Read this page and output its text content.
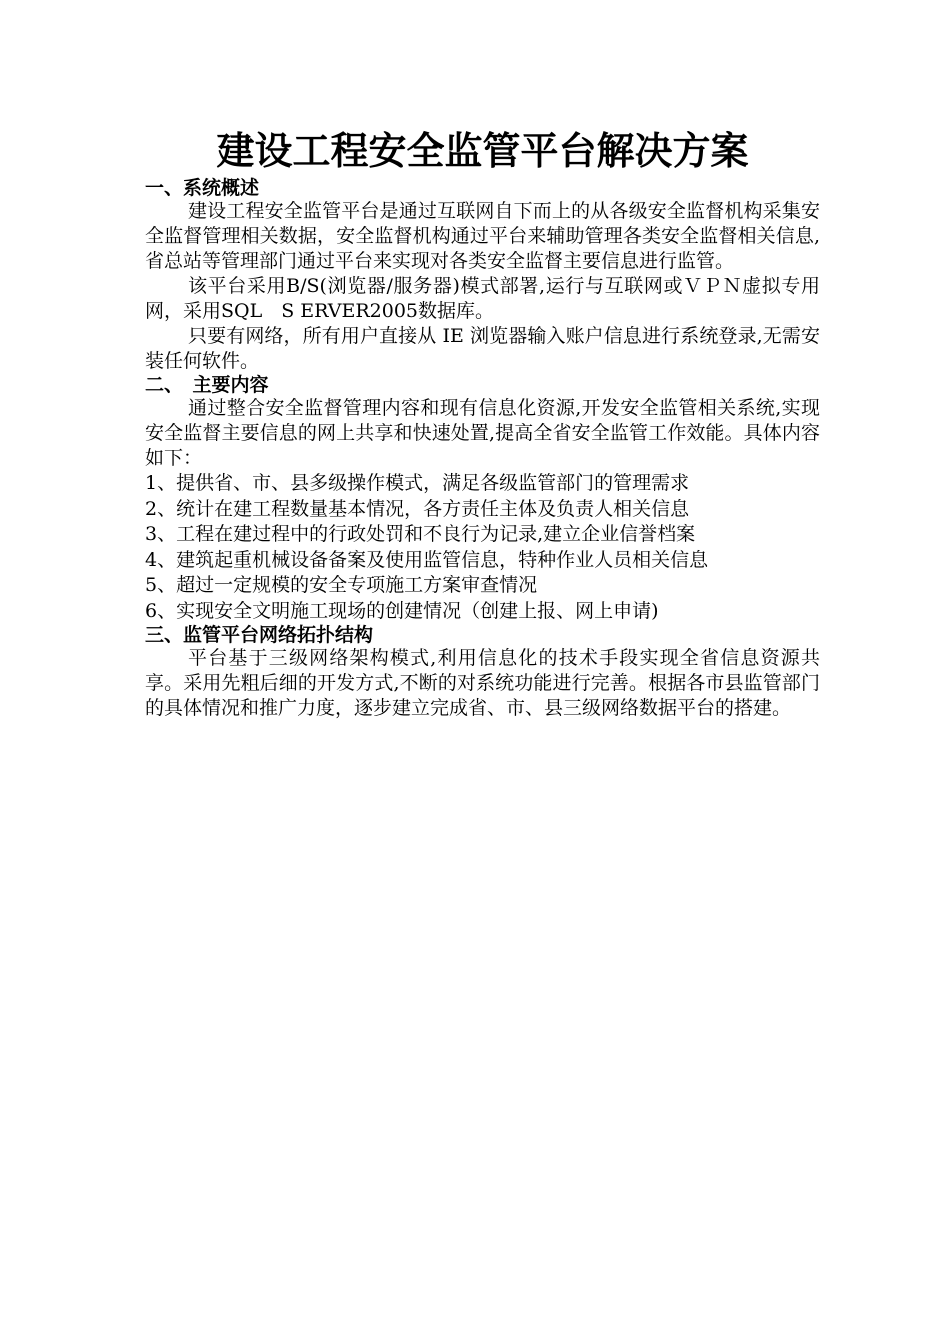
建设工程安全监管平台解决方案
一、系统概述

建设工程安全监管平台是通过互联网自下而上的从各级安全监督机构采集安全监督管理相关数据，安全监督机构通过平台来辅助管理各类安全监督相关信息,省总站等管理部门通过平台来实现对各类安全监督主要信息进行监管。

该平台采用B/S(浏览器/服务器)模式部署,运行与互联网或ＶＰＮ虚拟专用网，采用SQL　S ERVER2005数据库。

只要有网络，所有用户直接从 IE 浏览器输入账户信息进行系统登录,无需安装任何软件。

二、　主要内容

通过整合安全监督管理内容和现有信息化资源,开发安全监管相关系统,实现安全监督主要信息的网上共享和快速处置,提高全省安全监管工作效能。具体内容如下：

1、提供省、市、县多级操作模式，满足各级监管部门的管理需求
2、统计在建工程数量基本情况，各方责任主体及负责人相关信息
3、工程在建过程中的行政处罚和不良行为记录,建立企业信誉档案
4、建筑起重机械设备备案及使用监管信息，特种作业人员相关信息
5、超过一定规模的安全专项施工方案审查情况
6、实现安全文明施工现场的创建情况（创建上报、网上申请)
三、监管平台网络拓扑结构

平台基于三级网络架构模式,利用信息化的技术手段实现全省信息资源共享。采用先粗后细的开发方式,不断的对系统功能进行完善。根据各市县监管部门的具体情况和推广力度，逐步建立完成省、市、县三级网络数据平台的搭建。
